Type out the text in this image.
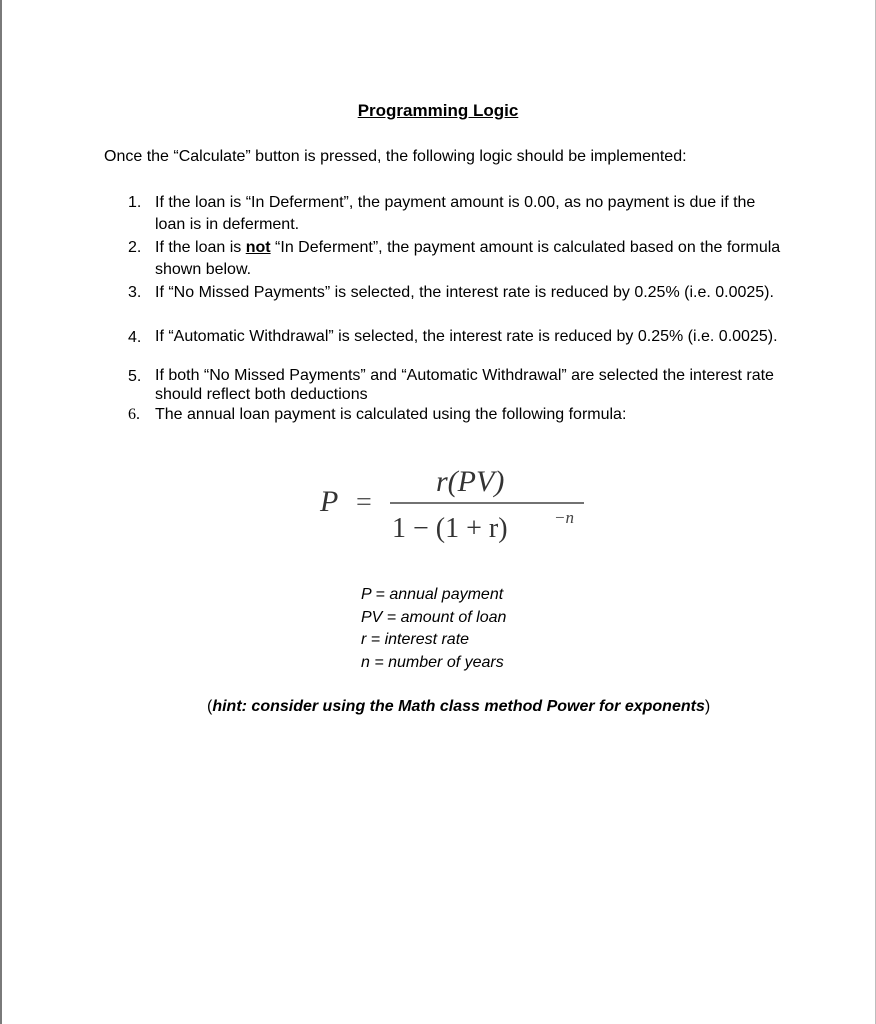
Programming Logic
Once the “Calculate” button is pressed, the following logic should be implemented:
1. If the loan is “In Deferment”, the payment amount is 0.00, as no payment is due if the loan is in deferment.
2. If the loan is not “In Deferment”, the payment amount is calculated based on the formula shown below.
3. If “No Missed Payments” is selected, the interest rate is reduced by 0.25% (i.e. 0.0025).
4. If “Automatic Withdrawal” is selected, the interest rate is reduced by 0.25% (i.e. 0.0025).
5. If both “No Missed Payments” and “Automatic Withdrawal” are selected the interest rate should reflect both deductions
6. The annual loan payment is calculated using the following formula:
P =
r(PV)
1 − (1 + r)	−n
P = annual payment
PV = amount of loan
r = interest rate
n = number of years
(hint: consider using the Math class method Power for exponents)
